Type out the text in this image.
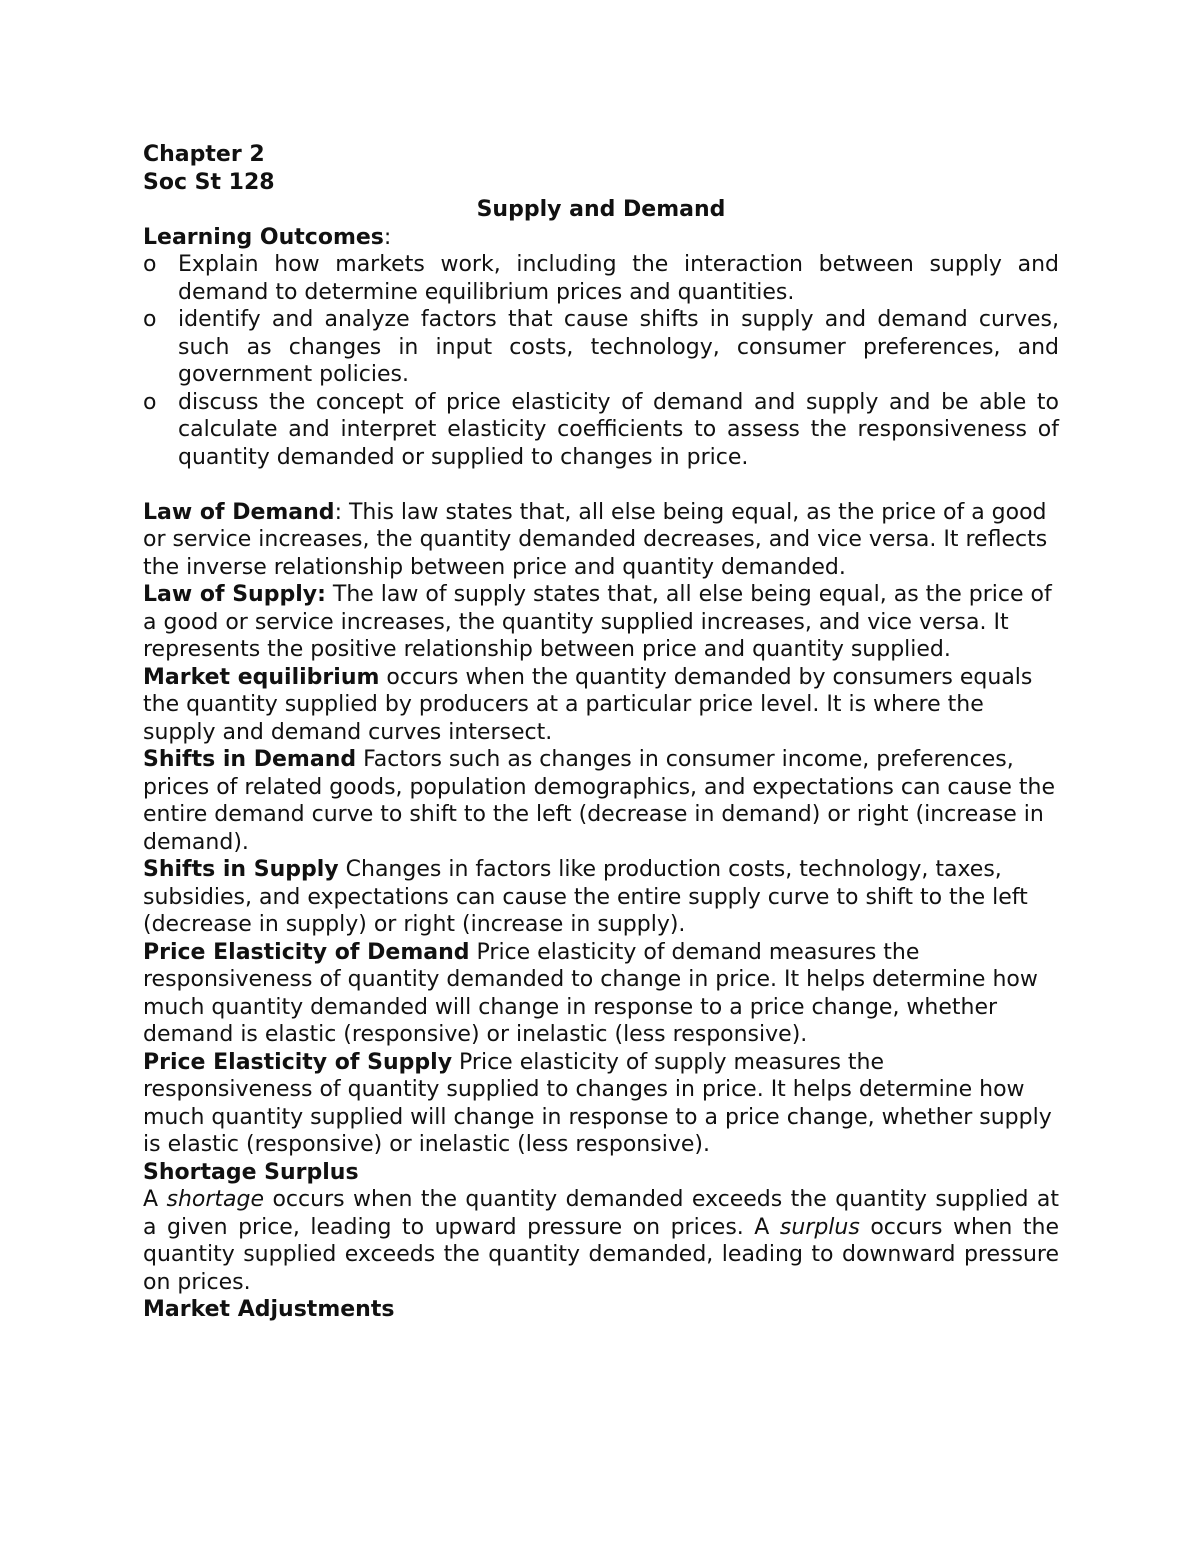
Chapter 2

Soc St 128

Supply and Demand

Learning Outcomes:

o Explain how markets work, including the interaction between supply and demand to determine equilibrium prices and quantities.
o identify and analyze factors that cause shifts in supply and demand curves, such as changes in input costs, technology, consumer preferences, and government policies.
o discuss the concept of price elasticity of demand and supply and be able to calculate and interpret elasticity coefficients to assess the responsiveness of quantity demanded or supplied to changes in price.

Law of Demand: This law states that, all else being equal, as the price of a good or service increases, the quantity demanded decreases, and vice versa. It reflects the inverse relationship between price and quantity demanded.

Law of Supply: The law of supply states that, all else being equal, as the price of a good or service increases, the quantity supplied increases, and vice versa. It represents the positive relationship between price and quantity supplied.

Market equilibrium occurs when the quantity demanded by consumers equals the quantity supplied by producers at a particular price level. It is where the supply and demand curves intersect.

Shifts in Demand Factors such as changes in consumer income, preferences, prices of related goods, population demographics, and expectations can cause the entire demand curve to shift to the left (decrease in demand) or right (increase in demand).

Shifts in Supply Changes in factors like production costs, technology, taxes, subsidies, and expectations can cause the entire supply curve to shift to the left (decrease in supply) or right (increase in supply).

Price Elasticity of Demand Price elasticity of demand measures the responsiveness of quantity demanded to change in price. It helps determine how much quantity demanded will change in response to a price change, whether demand is elastic (responsive) or inelastic (less responsive).

Price Elasticity of Supply Price elasticity of supply measures the responsiveness of quantity supplied to changes in price. It helps determine how much quantity supplied will change in response to a price change, whether supply is elastic (responsive) or inelastic (less responsive).

Shortage Surplus

A shortage occurs when the quantity demanded exceeds the quantity supplied at a given price, leading to upward pressure on prices. A surplus occurs when the quantity supplied exceeds the quantity demanded, leading to downward pressure on prices.

Market Adjustments
